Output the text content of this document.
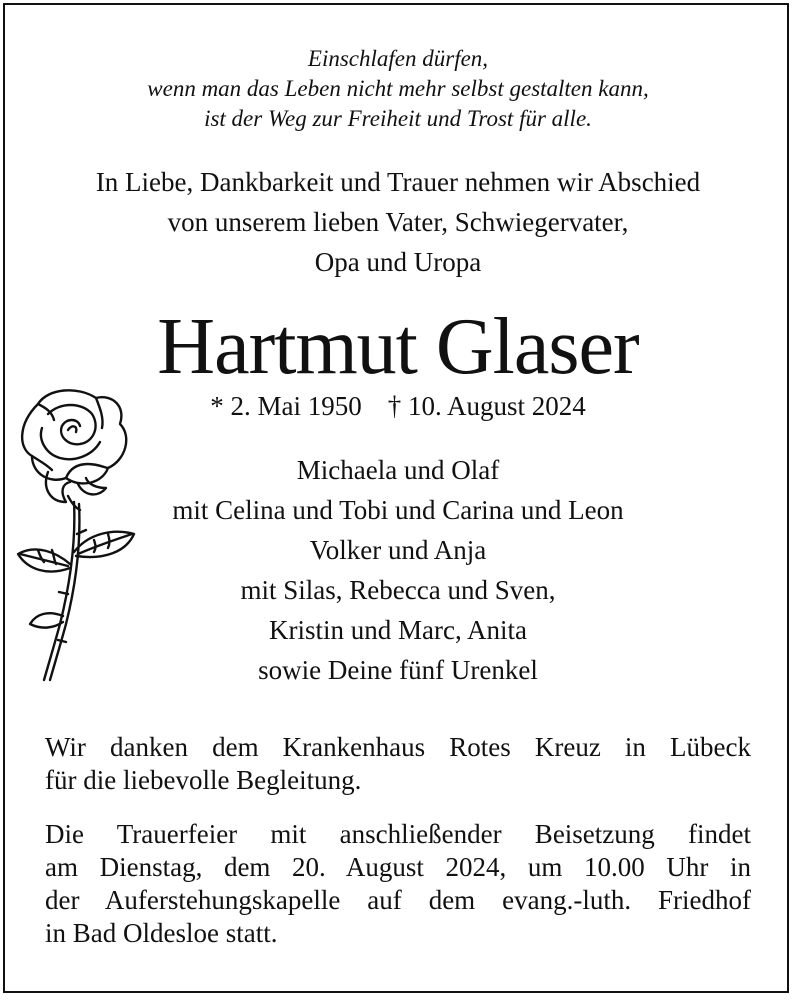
Einschlafen dürfen,
wenn man das Leben nicht mehr selbst gestalten kann,
ist der Weg zur Freiheit und Trost für alle.
In Liebe, Dankbarkeit und Trauer nehmen wir Abschied
von unserem lieben Vater, Schwiegervater,
Opa und Uropa
Hartmut Glaser
* 2. Mai 1950 † 10. August 2024
Michaela und Olaf
mit Celina und Tobi und Carina und Leon
Volker und Anja
mit Silas, Rebecca und Sven,
Kristin und Marc, Anita
sowie Deine fünf Urenkel
Wir danken dem Krankenhaus Rotes Kreuz in Lübeck
für die liebevolle Begleitung.
Die Trauerfeier mit anschließender Beisetzung findet
am Dienstag, dem 20. August 2024, um 10.00 Uhr in
der Auferstehungskapelle auf dem evang.-luth. Friedhof
in Bad Oldesloe statt.
